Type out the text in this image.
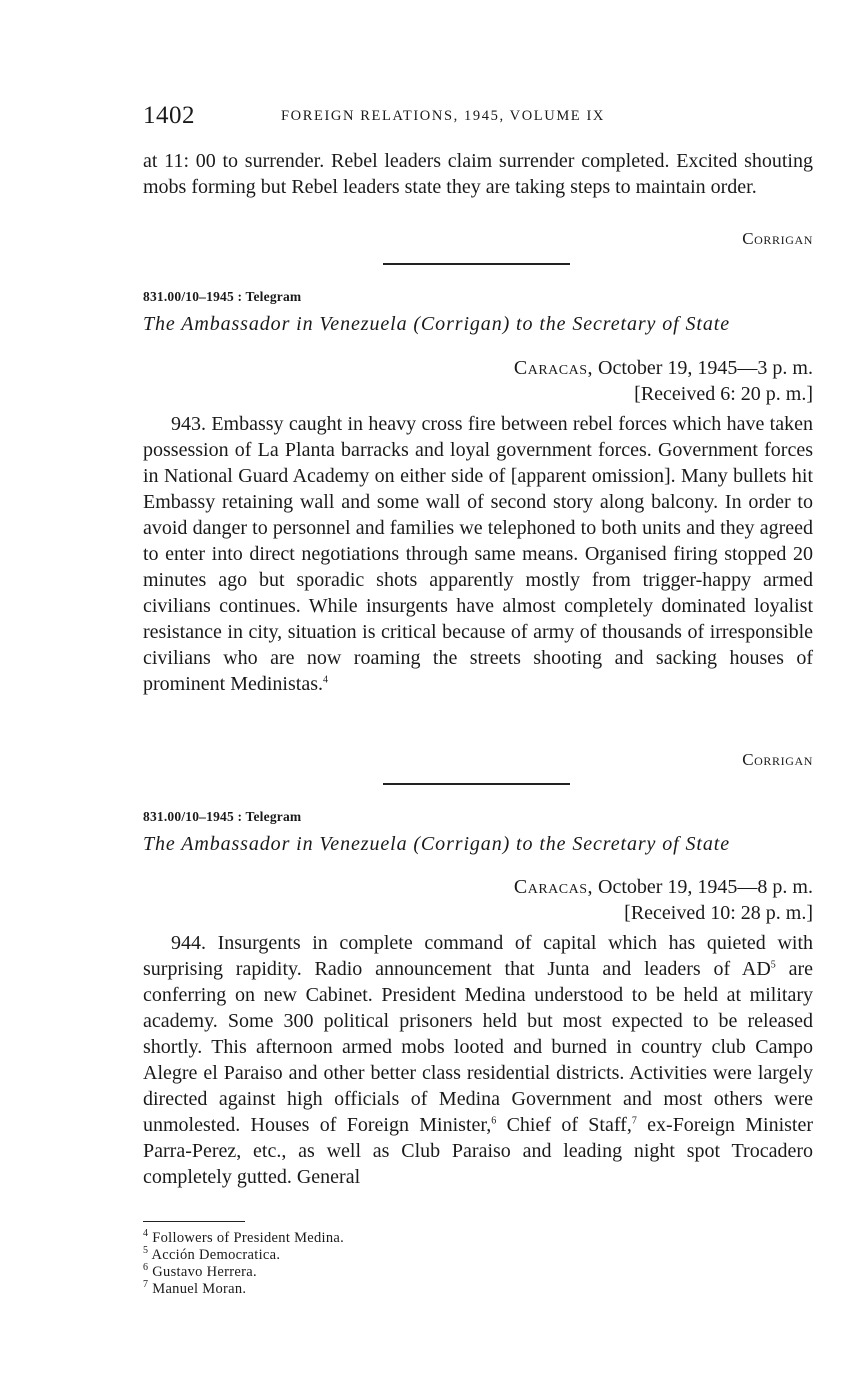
1402	FOREIGN RELATIONS, 1945, VOLUME IX

at 11: 00 to surrender. Rebel leaders claim surrender completed. Excited shouting mobs forming but Rebel leaders state they are taking steps to maintain order.

Corrigan
831.00/10–1945 : Telegram
The Ambassador in Venezuela (Corrigan) to the Secretary of State
Caracas, October 19, 1945—3 p. m.
[Received 6: 20 p. m.]

943. Embassy caught in heavy cross fire between rebel forces which have taken possession of La Planta barracks and loyal government forces. Government forces in National Guard Academy on either side of [apparent omission]. Many bullets hit Embassy retaining wall and some wall of second story along balcony. In order to avoid danger to personnel and families we telephoned to both units and they agreed to enter into direct negotiations through same means. Organised firing stopped 20 minutes ago but sporadic shots apparently mostly from trigger-happy armed civilians continues. While insurgents have almost completely dominated loyalist resistance in city, situation is critical because of army of thousands of irresponsible civilians who are now roaming the streets shooting and sacking houses of prominent Medinistas.$^4$

Corrigan
831.00/10–1945 : Telegram
The Ambassador in Venezuela (Corrigan) to the Secretary of State
Caracas, October 19, 1945—8 p. m.
[Received 10: 28 p. m.]

944. Insurgents in complete command of capital which has quieted with surprising rapidity. Radio announcement that Junta and leaders of $AD^5$ are conferring on new Cabinet. President Medina understood to be held at military academy. Some 300 political prisoners held but most expected to be released shortly. This afternoon armed mobs looted and burned in country club Campo Alegre el Paraiso and other better class residential districts. Activities were largely directed against high officials of Medina Government and most others were unmolested. Houses of Foreign Minister,$^6$ Chief of Staff,$^7$ ex-Foreign Minister Parra-Perez, etc., as well as Club Paraiso and leading night spot Trocadero completely gutted. General

$^4$ Followers of President Medina.
$^5$ Acción Democratica.
$^6$ Gustavo Herrera.
$^7$ Manuel Moran.
